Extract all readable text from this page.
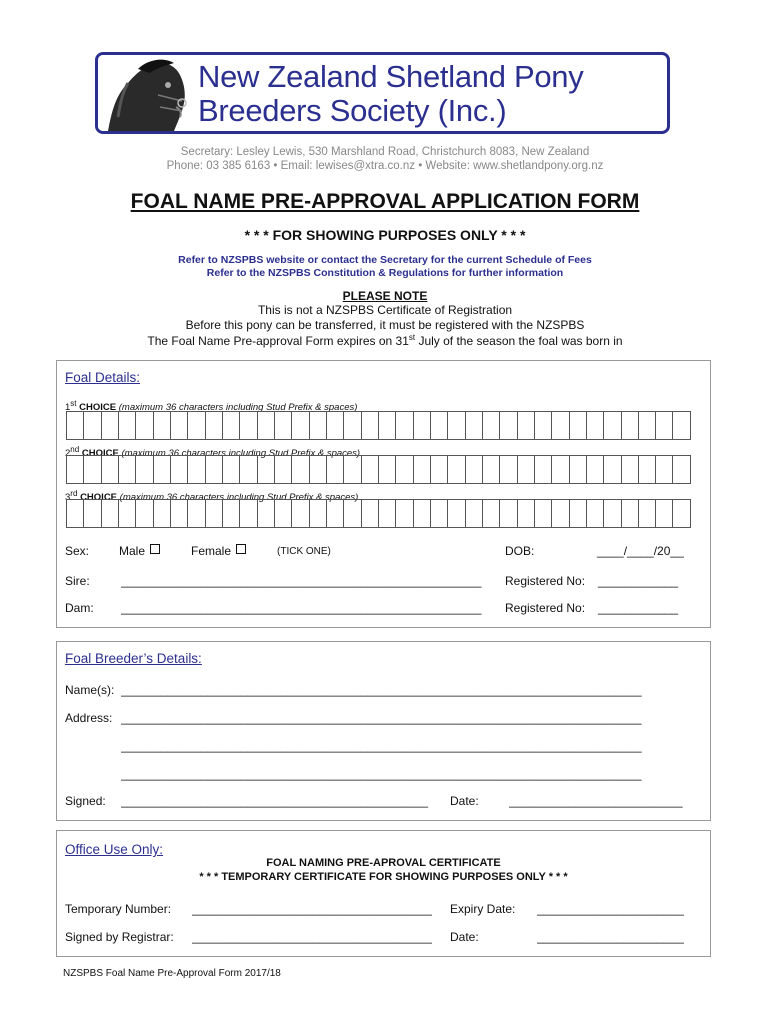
New Zealand Shetland Pony
Breeders Society (Inc.)
Secretary: Lesley Lewis, 530 Marshland Road, Christchurch 8083, New Zealand
Phone: 03 385 6163 • Email: lewises@xtra.co.nz • Website: www.shetlandpony.org.nz
FOAL NAME PRE-APPROVAL APPLICATION FORM
* * * FOR SHOWING PURPOSES ONLY * * *
Refer to NZSPBS website or contact the Secretary for the current Schedule of Fees
Refer to the NZSPBS Constitution & Regulations for further information
PLEASE NOTE
This is not a NZSPBS Certificate of Registration
Before this pony can be transferred, it must be registered with the NZSPBS
The Foal Name Pre-approval Form expires on 31st July of the season the foal was born in
Foal Details:
1st CHOICE (maximum 36 characters including Stud Prefix & spaces)
2nd CHOICE (maximum 36 characters including Stud Prefix & spaces)
3rd CHOICE (maximum 36 characters including Stud Prefix & spaces)
Sex: Male	Female	(TICK ONE)	DOB:	____/____/20__
Sire:	______________________________________________________	Registered No: ____________
Dam: ______________________________________________________	Registered No: ____________
Foal Breeder’s Details:
Name(s): ______________________________________________________________________________
Address: ______________________________________________________________________________
______________________________________________________________________________
______________________________________________________________________________
Signed: ______________________________________________ Date:	__________________________
Office Use Only:
FOAL NAMING PRE-APROVAL CERTIFICATE
* * * TEMPORARY CERTIFICATE FOR SHOWING PURPOSES ONLY * * *
Temporary Number: ____________________________________ Expiry Date: ______________________
Signed by Registrar: ____________________________________ Date:	______________________
NZSPBS Foal Name Pre-Approval Form 2017/18
